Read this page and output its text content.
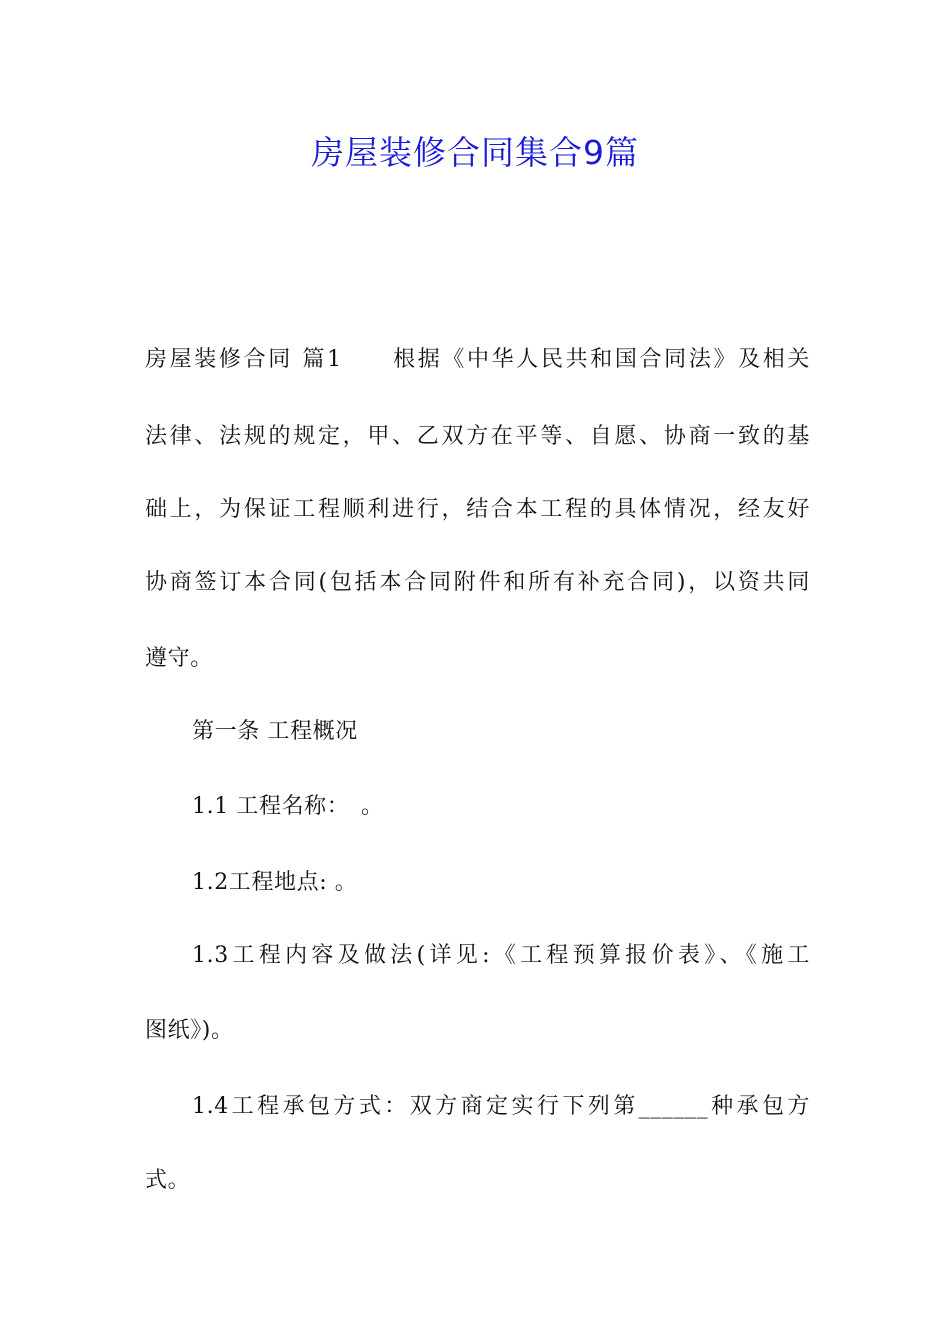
房屋装修合同集合9篇
房屋装修合同 篇1　　根据《中华人民共和国合同法》及相关
法律、法规的规定，甲、乙双方在平等、自愿、协商一致的基
础上，为保证工程顺利进行，结合本工程的具体情况，经友好
协商签订本合同(包括本合同附件和所有补充合同)，以资共同
遵守。
第一条 工程概况
1.1 工程名称：　。
1.2工程地点: 。
1.3工程内容及做法(详见:《工程预算报价表》、《施工
图纸》)。
1.4工程承包方式：双方商定实行下列第______种承包方
式。
